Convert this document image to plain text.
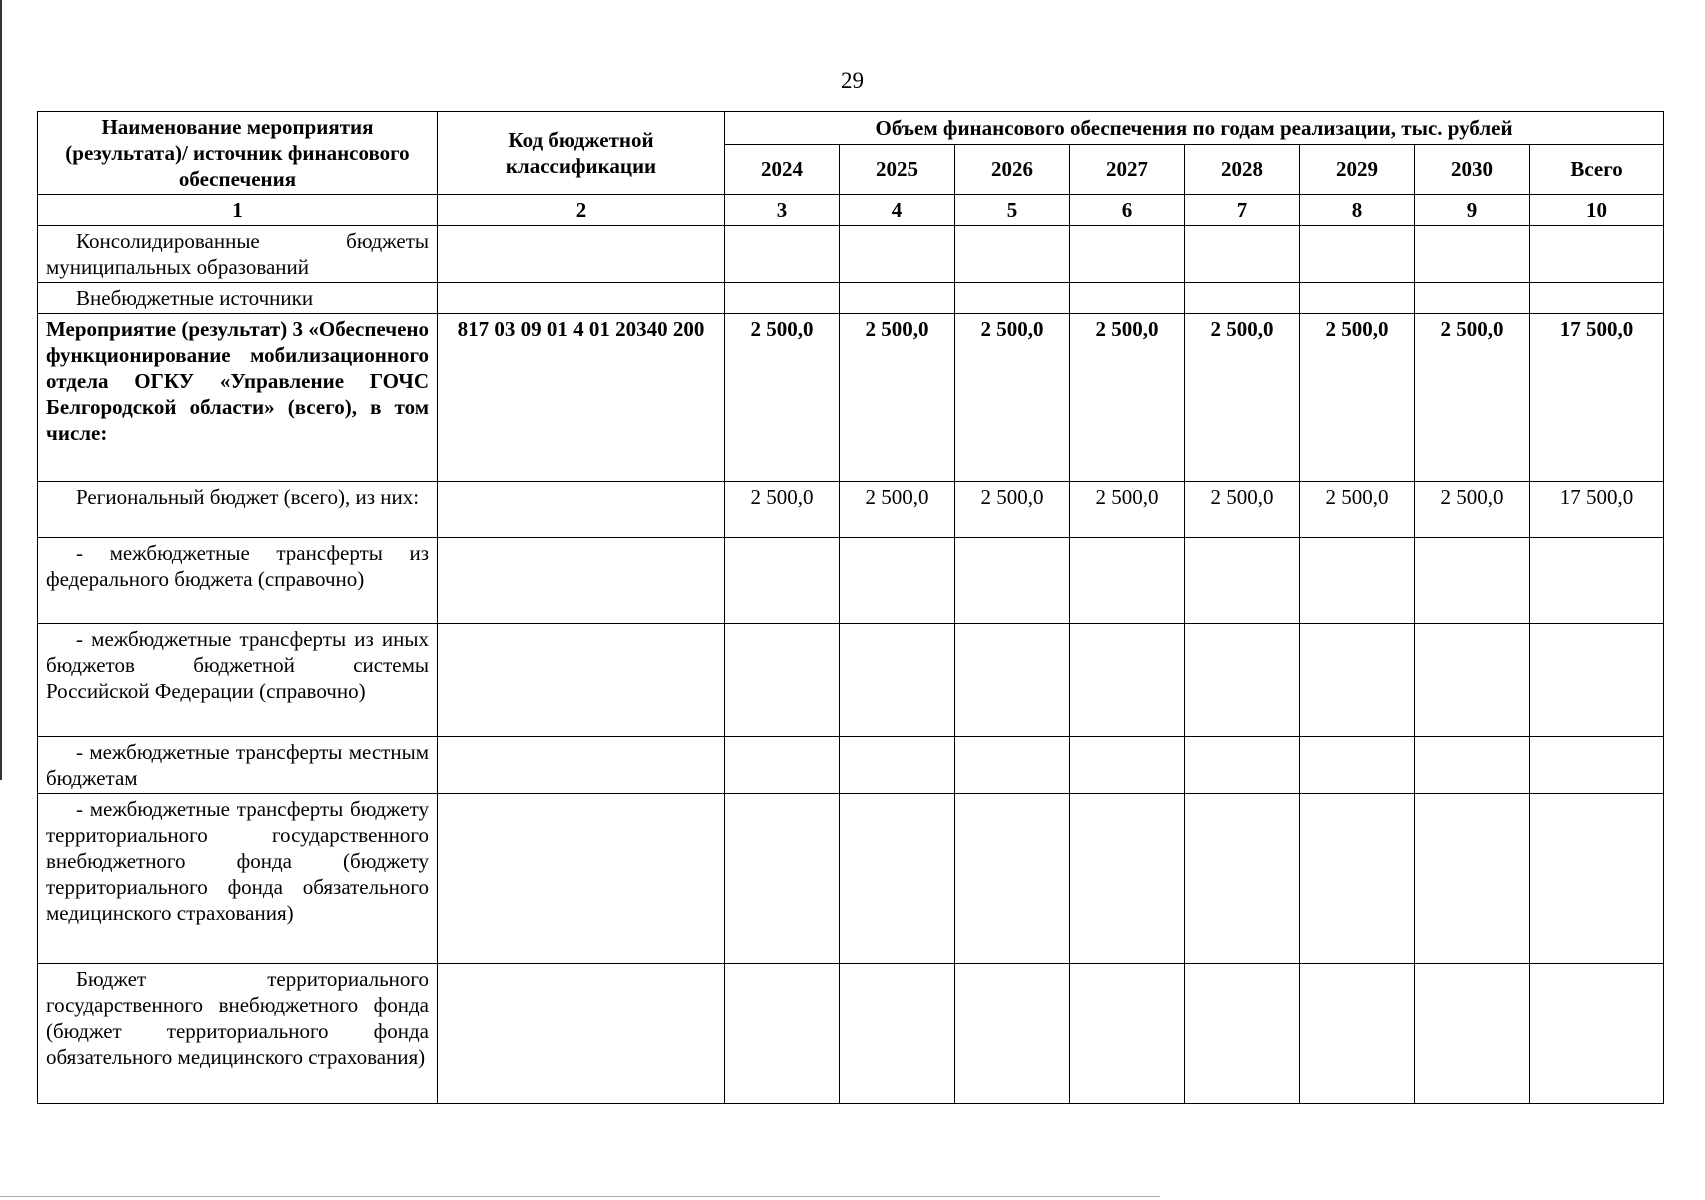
29
Наименование мероприятия (результата)/ источник финансового обеспечения	Код бюджетной классификации	Объем финансового обеспечения по годам реализации, тыс. рублей							
		2024	2025	2026	2027	2028	2029	2030	Всего
1	2	3	4	5	6	7	8	9	10
Консолидированные бюджеты муниципальных образований									
Внебюджетные источники									
Мероприятие (результат) 3 «Обеспечено функционирование мобилизационного отдела ОГКУ «Управление ГОЧС Белгородской области» (всего), в том числе:	817 03 09 01 4 01 20340 200	2 500,0	2 500,0	2 500,0	2 500,0	2 500,0	2 500,0	2 500,0	17 500,0
Региональный бюджет (всего), из них:		2 500,0	2 500,0	2 500,0	2 500,0	2 500,0	2 500,0	2 500,0	17 500,0
- межбюджетные трансферты из федерального бюджета (справочно)									
- межбюджетные трансферты из иных бюджетов бюджетной системы Российской Федерации (справочно)									
- межбюджетные трансферты местным бюджетам									
- межбюджетные трансферты бюджету территориального государственного внебюджетного фонда (бюджету территориального фонда обязательного медицинского страхования)									
Бюджет территориального государственного внебюджетного фонда (бюджет территориального фонда обязательного медицинского страхования)									
